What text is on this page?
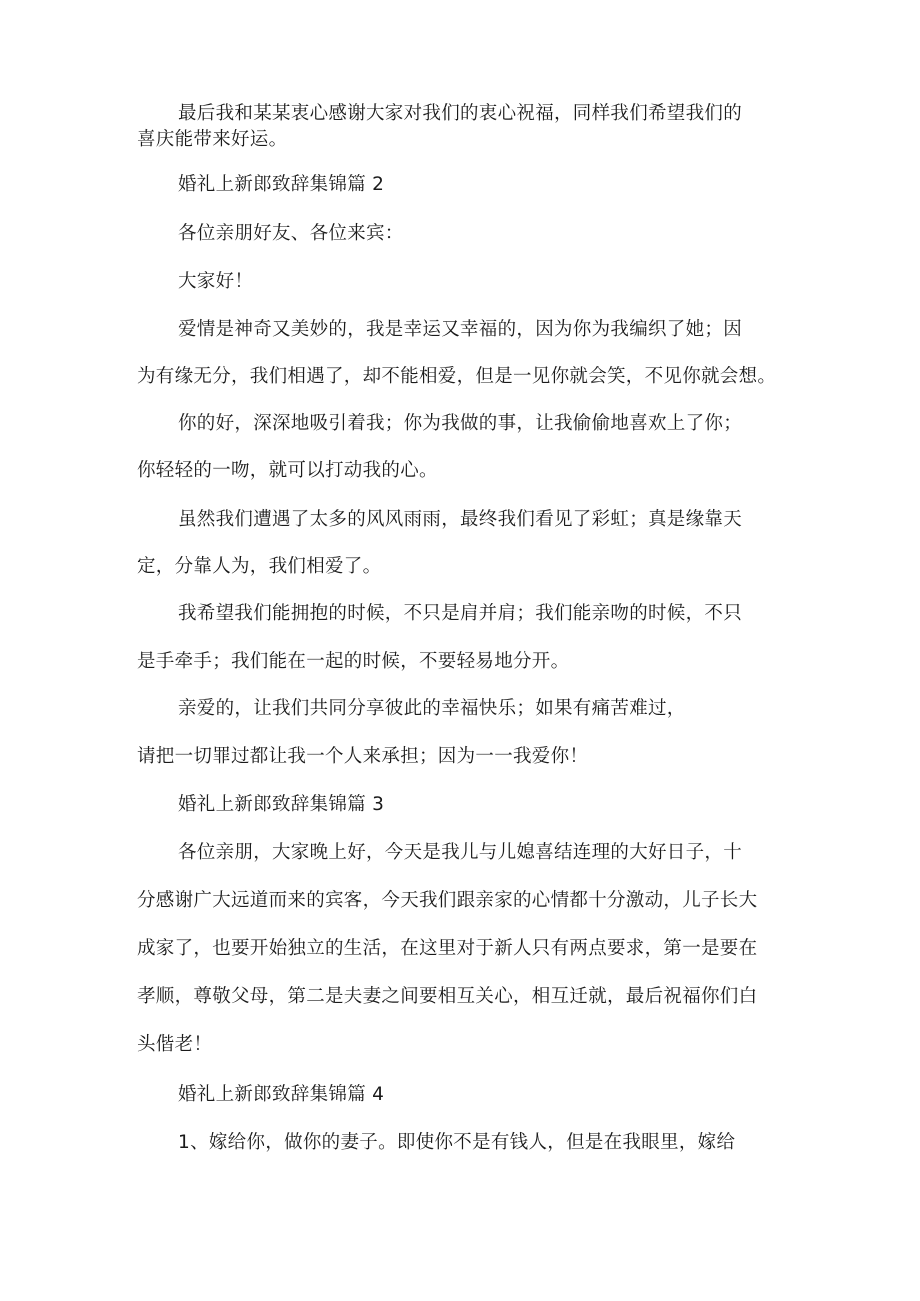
最后我和某某衷心感谢大家对我们的衷心祝福，同样我们希望我们的
喜庆能带来好运。
婚礼上新郎致辞集锦篇 2
各位亲朋好友、各位来宾：
大家好！
爱情是神奇又美妙的，我是幸运又幸福的，因为你为我编织了她；因
为有缘无分，我们相遇了，却不能相爱，但是一见你就会笑，不见你就会想。
你的好，深深地吸引着我；你为我做的事，让我偷偷地喜欢上了你；
你轻轻的一吻，就可以打动我的心。
虽然我们遭遇了太多的风风雨雨，最终我们看见了彩虹；真是缘靠天
定，分靠人为，我们相爱了。
我希望我们能拥抱的时候，不只是肩并肩；我们能亲吻的时候，不只
是手牵手；我们能在一起的时候，不要轻易地分开。
亲爱的，让我们共同分享彼此的幸福快乐；如果有痛苦难过，
请把一切罪过都让我一个人来承担；因为一一我爱你！
婚礼上新郎致辞集锦篇 3
各位亲朋，大家晚上好，今天是我儿与儿媳喜结连理的大好日子，十
分感谢广大远道而来的宾客，今天我们跟亲家的心情都十分激动，儿子长大
成家了，也要开始独立的生活，在这里对于新人只有两点要求，第一是要在
孝顺，尊敬父母，第二是夫妻之间要相互关心，相互迁就，最后祝福你们白
头偕老！
婚礼上新郎致辞集锦篇 4
1、嫁给你，做你的妻子。即使你不是有钱人，但是在我眼里，嫁给
